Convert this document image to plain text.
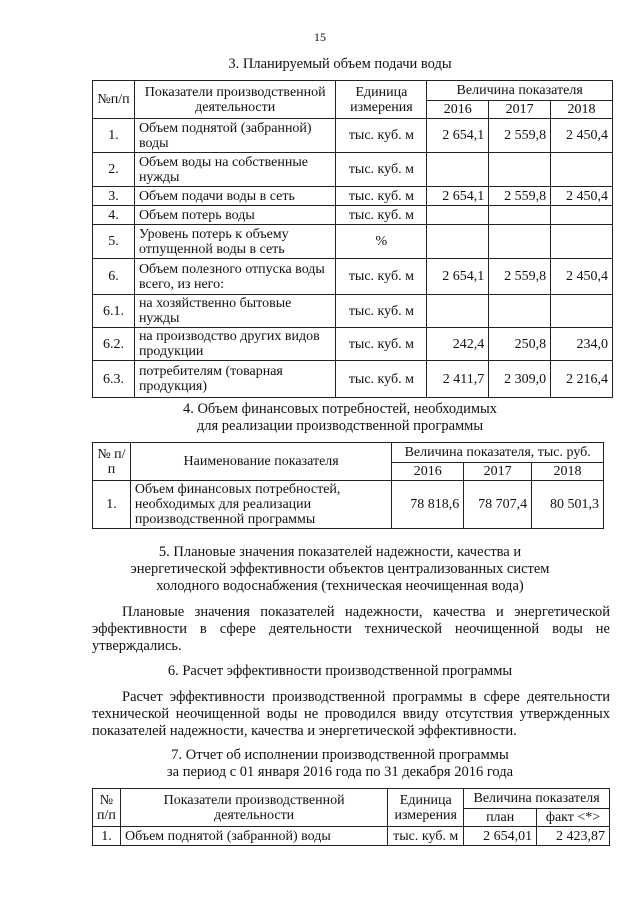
15
3. Планируемый объем подачи воды
№п/п	Показатели производственной деятельности	Единица измерения	Величина показателя		
			2016	2017	2018
1.	Объем поднятой (забранной) воды	тыс. куб. м	2 654,1	2 559,8	2 450,4
2.	Объем воды на собственные нужды	тыс. куб. м			
3.	Объем подачи воды в сеть	тыс. куб. м	2 654,1	2 559,8	2 450,4
4.	Объем потерь воды	тыс. куб. м			
5.	Уровень потерь к объему отпущенной воды в сеть	%			
6.	Объем полезного отпуска воды всего, из него:	тыс. куб. м	2 654,1	2 559,8	2 450,4
6.1.	на хозяйственно бытовые нужды	тыс. куб. м			
6.2.	на производство других видов продукции	тыс. куб. м	242,4	250,8	234,0
6.3.	потребителям (товарная продукция)	тыс. куб. м	2 411,7	2 309,0	2 216,4
4. Объем финансовых потребностей, необходимых
для реализации производственной программы
№ п/п	Наименование показателя	Величина показателя, тыс. руб.		
		2016	2017	2018
1.	Объем финансовых потребностей, необходимых для реализации производственной программы	78 818,6	78 707,4	80 501,3
5. Плановые значения показателей надежности, качества и
энергетической эффективности объектов централизованных систем
холодного водоснабжения (техническая неочищенная вода)
Плановые значения показателей надежности, качества и энергетической эффективности в сфере деятельности технической неочищенной воды не утверждались.
6. Расчет эффективности производственной программы
Расчет эффективности производственной программы в сфере деятельности технической неочищенной воды не проводился ввиду отсутствия утвержденных показателей надежности, качества и энергетической эффективности.
7. Отчет об исполнении производственной программы
за период с 01 января 2016 года по 31 декабря 2016 года
№ п/п	Показатели производственной деятельности	Единица измерения	Величина показателя	
			план	факт <*>
1.	Объем поднятой (забранной) воды	тыс. куб. м	2 654,01	2 423,87
